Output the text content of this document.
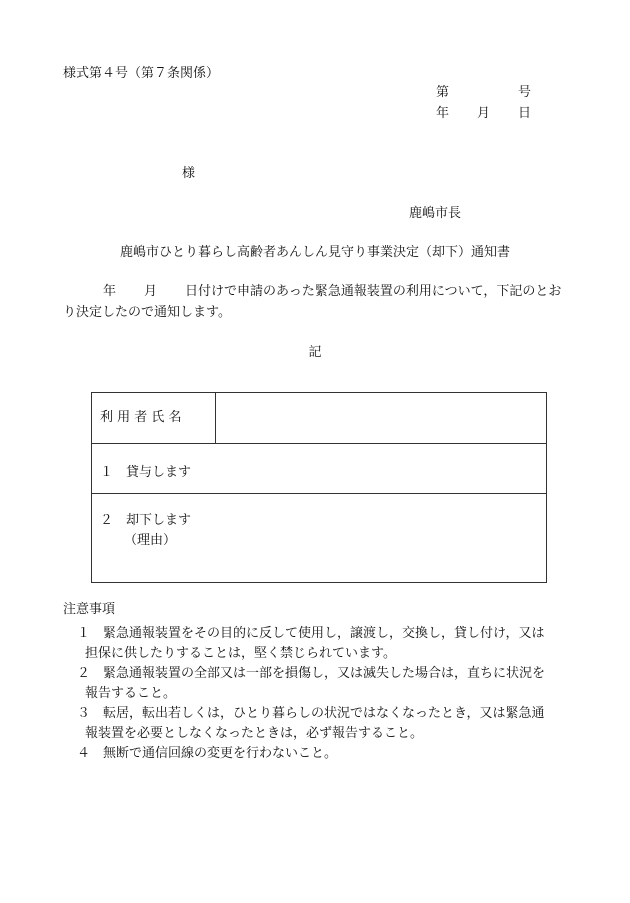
様式第４号（第７条関係）
第	号
年 月 日
様
鹿嶋市長
鹿嶋市ひとり暮らし高齢者あんしん見守り事業決定（却下）通知書
年 月 日付けで申請のあった緊急通報装置の利用について，下記のとお
り決定したので通知します。
記
利 用 者 氏 名

１　貸与します

２　却下します
（理由）
注意事項
１ 緊急通報装置をその目的に反して使用し，譲渡し，交換し，貸し付け，又は
担保に供したりすることは，堅く禁じられています。
２ 緊急通報装置の全部又は一部を損傷し，又は滅失した場合は，直ちに状況を
報告すること。
３ 転居，転出若しくは，ひとり暮らしの状況ではなくなったとき，又は緊急通
報装置を必要としなくなったときは，必ず報告すること。
４ 無断で通信回線の変更を行わないこと。
